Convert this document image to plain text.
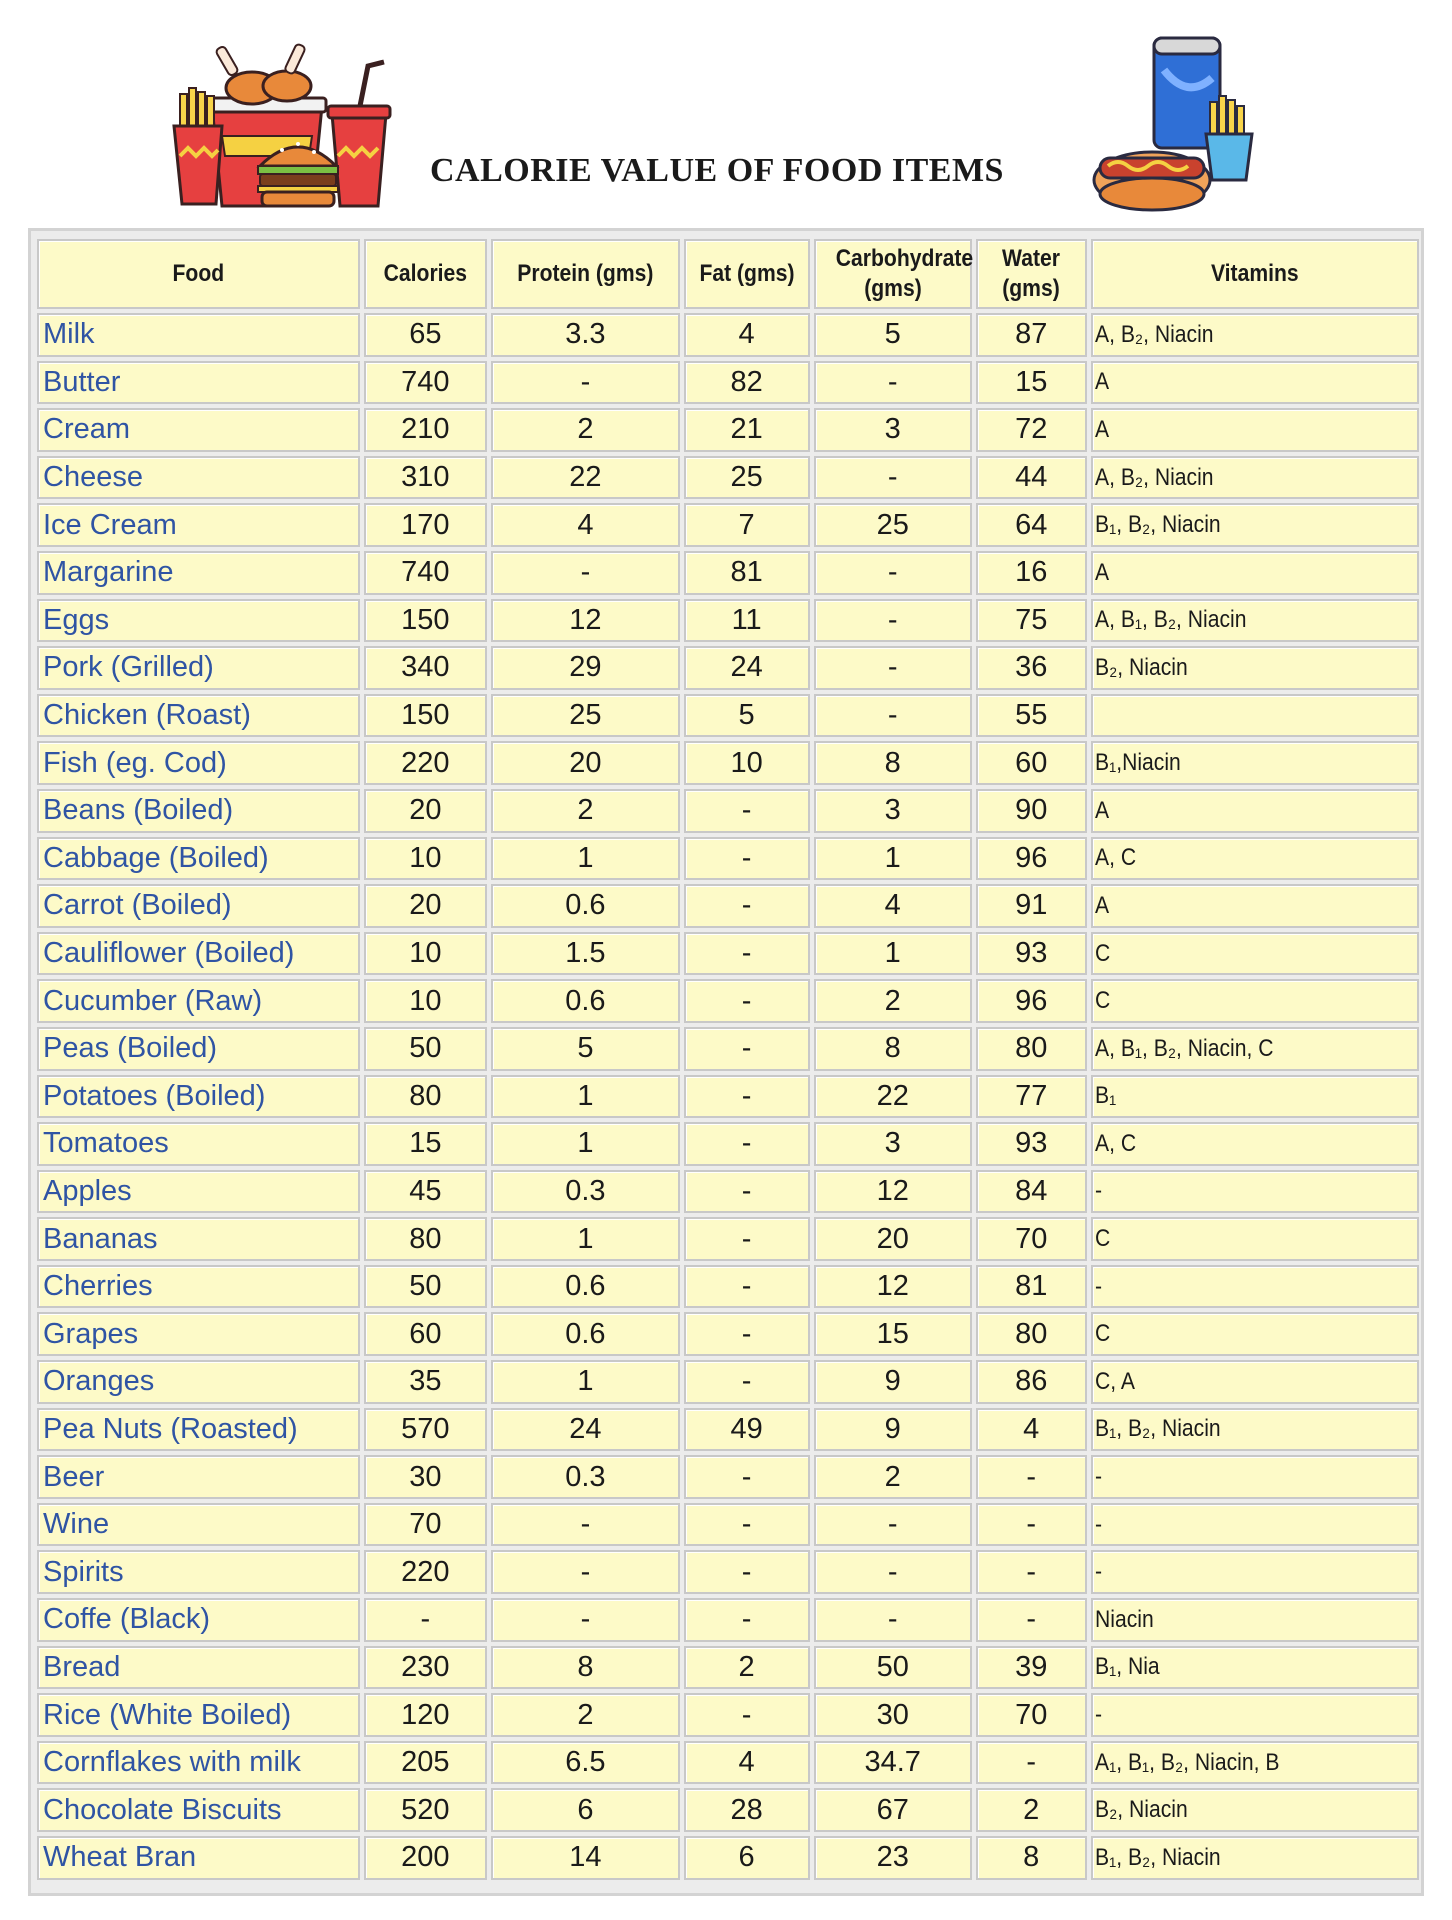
CALORIE VALUE OF FOOD ITEMS
Food	Calories	Protein (gms)	Fat (gms)	Carbohydrate (gms)	Water (gms)	Vitamins
Milk	65	3.3	4	5	87	A, B₂, Niacin
Butter	740	-	82	-	15	A
Cream	210	2	21	3	72	A
Cheese	310	22	25	-	44	A, B₂, Niacin
Ice Cream	170	4	7	25	64	B₁, B₂, Niacin
Margarine	740	-	81	-	16	A
Eggs	150	12	11	-	75	A, B₁, B₂, Niacin
Pork (Grilled)	340	29	24	-	36	B₂, Niacin
Chicken (Roast)	150	25	5	-	55	
Fish (eg. Cod)	220	20	10	8	60	B₁,Niacin
Beans (Boiled)	20	2	-	3	90	A
Cabbage (Boiled)	10	1	-	1	96	A, C
Carrot (Boiled)	20	0.6	-	4	91	A
Cauliflower (Boiled)	10	1.5	-	1	93	C
Cucumber (Raw)	10	0.6	-	2	96	C
Peas (Boiled)	50	5	-	8	80	A, B₁, B₂, Niacin, C
Potatoes (Boiled)	80	1	-	22	77	B₁
Tomatoes	15	1	-	3	93	A, C
Apples	45	0.3	-	12	84	-
Bananas	80	1	-	20	70	C
Cherries	50	0.6	-	12	81	-
Grapes	60	0.6	-	15	80	C
Oranges	35	1	-	9	86	C, A
Pea Nuts (Roasted)	570	24	49	9	4	B₁, B₂, Niacin
Beer	30	0.3	-	2	-	-
Wine	70	-	-	-	-	-
Spirits	220	-	-	-	-	-
Coffe (Black)	-	-	-	-	-	Niacin
Bread	230	8	2	50	39	B₁, Nia
Rice (White Boiled)	120	2	-	30	70	-
Cornflakes with milk	205	6.5	4	34.7	-	A₁, B₁, B₂, Niacin, B
Chocolate Biscuits	520	6	28	67	2	B₂, Niacin
Wheat Bran	200	14	6	23	8	B₁, B₂, Niacin
